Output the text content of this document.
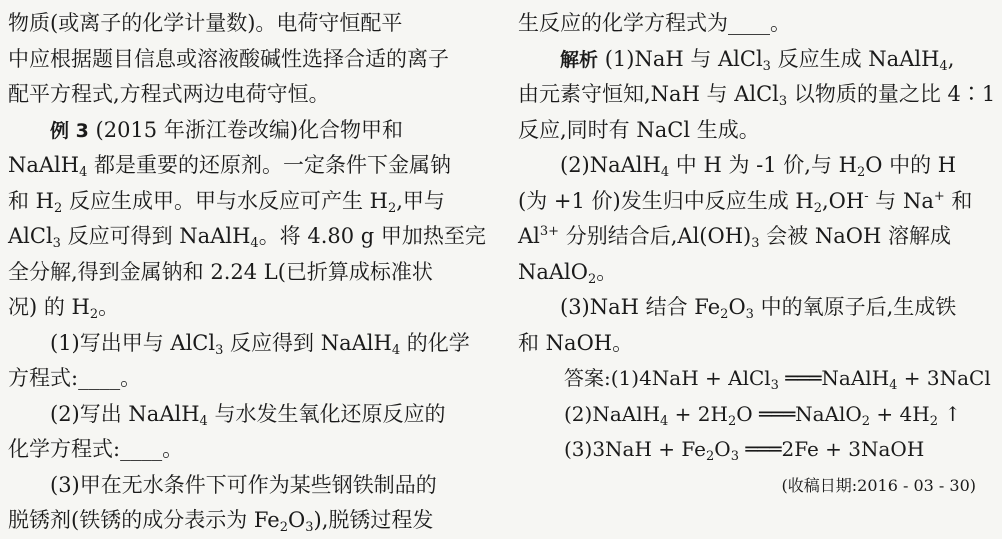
物质(或离子的化学计量数)。电荷守恒配平
中应根据题目信息或溶液酸碱性选择合适的离子
配平方程式,方程式两边电荷守恒。
例 3 (2015 年浙江卷改编)化合物甲和
NaAlH$_4$ 都是重要的还原剂。一定条件下金属钠
和 $H_2$ 反应生成甲。甲与水反应可产生 $H_2$,甲与
AlCl$_3$ 反应可得到 NaAlH$_4$。将 4.80 g 甲加热至完
全分解,得到金属钠和 2.24 L(已折算成标准状
况) 的 $H_2$。
(1)写出甲与 AlCl$_3$ 反应得到 NaAlH$_4$ 的化学
方程式:____。
(2)写出 NaAlH$_4$ 与水发生氧化还原反应的
化学方程式:____。
(3)甲在无水条件下可作为某些钢铁制品的
脱锈剂(铁锈的成分表示为 $Fe_2O_3$),脱锈过程发
生反应的化学方程式为____。
解析 (1)NaH 与 AlCl$_3$ 反应生成 NaAlH$_4$,
由元素守恒知,NaH 与 AlCl$_3$ 以物质的量之比 4∶1
反应,同时有 NaCl 生成。
(2)NaAlH$_4$ 中 H 为 -1 价,与 $H_2O$ 中的 H
(为 +1 价)发生归中反应生成 $H_2,OH^-$ 与 Na+ 和
$Al^{3+}$ 分别结合后$,Al(OH)_3$ 会被 NaOH 溶解成
NaAlO$_2$。
(3)NaH 结合 $Fe_2O_3$ 中的氧原子后,生成铁
和 NaOH。
答案:(1)4NaH + AlCl$_3$ ═══NaAlH$_4$ + 3NaCl
(2)NaAlH$_4$ + $2H_2O$ ═══NaAlO$_2$ + $4H_2$ ↑
$(3)3NaH + Fe_2O_3$ ═══2Fe + 3NaOH
(收稿日期:2016 - 03 - 30)
